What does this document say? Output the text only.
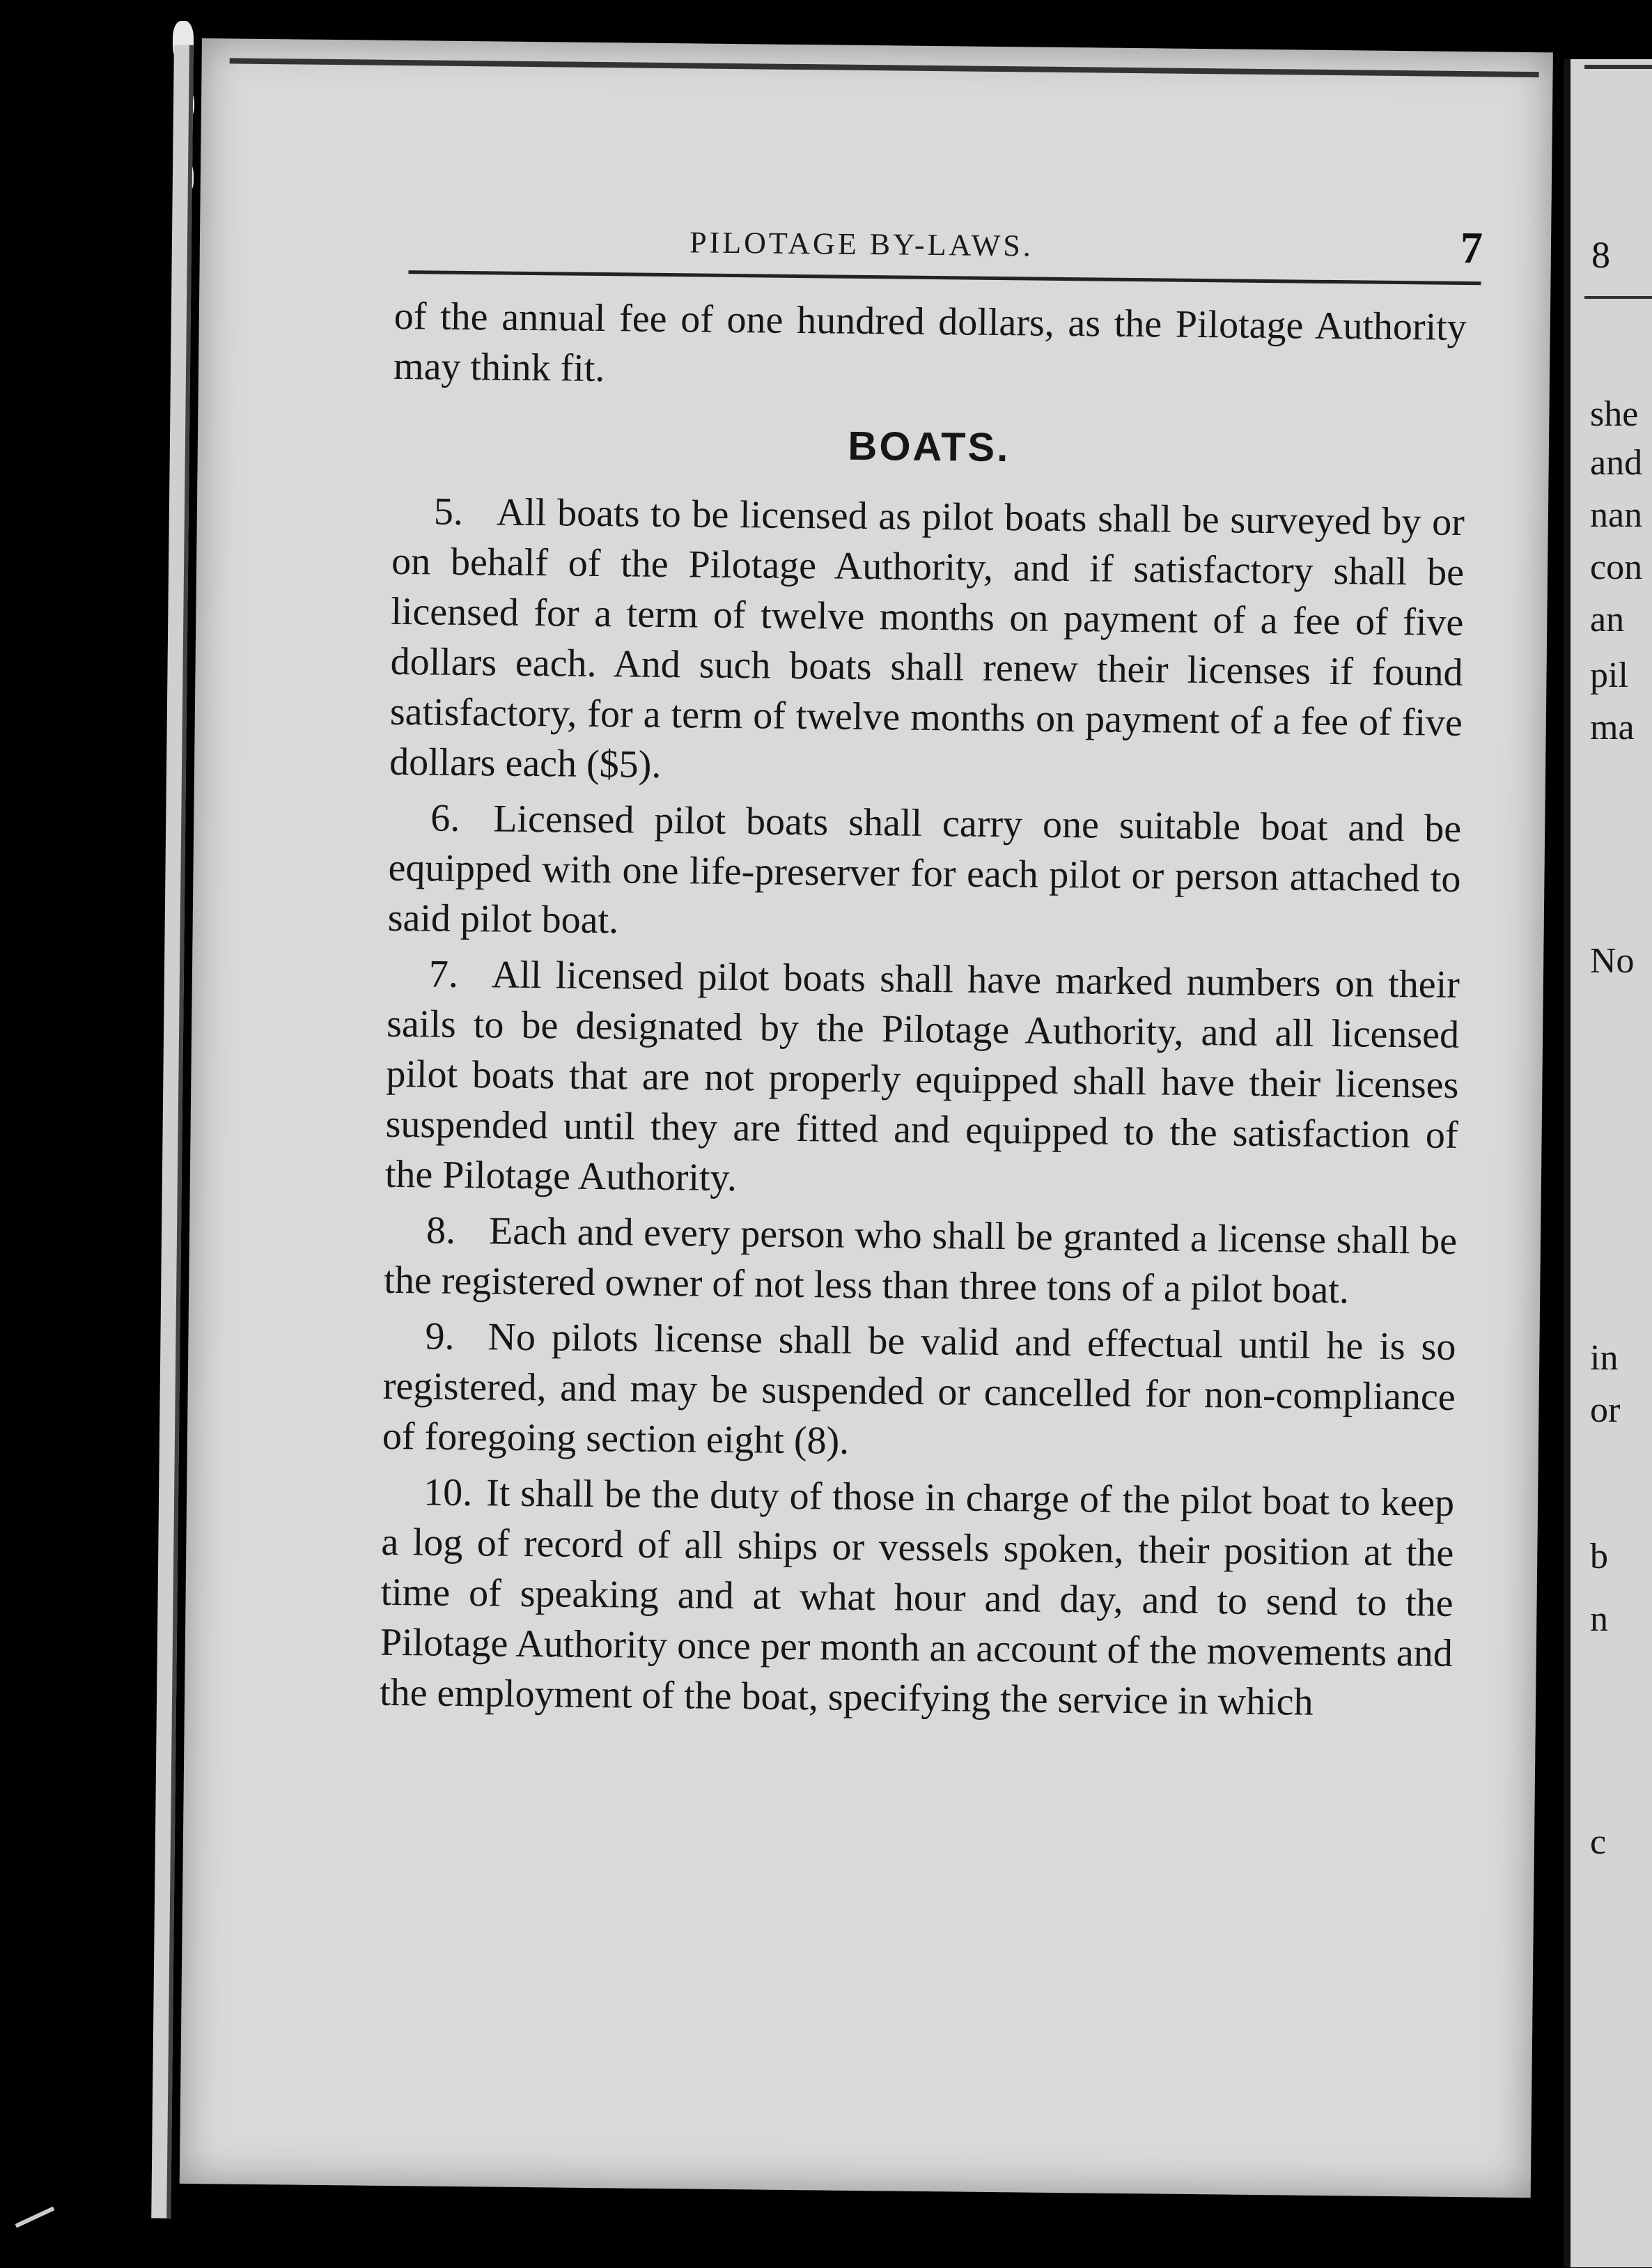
PILOTAGE BY-LAWS.	7

of the annual fee of one hundred dollars, as the Pilotage Authority may think fit.

BOATS.

5. All boats to be licensed as pilot boats shall be surveyed by or on behalf of the Pilotage Authority, and if satisfactory shall be licensed for a term of twelve months on payment of a fee of five dollars each. And such boats shall renew their licenses if found satisfactory, for a term of twelve months on payment of a fee of five dollars each ($5).

6. Licensed pilot boats shall carry one suitable boat and be equipped with one life-preserver for each pilot or person attached to said pilot boat.

7. All licensed pilot boats shall have marked numbers on their sails to be designated by the Pilotage Authority, and all licensed pilot boats that are not properly equipped shall have their licenses suspended until they are fitted and equipped to the satisfaction of the Pilotage Authority.

8. Each and every person who shall be granted a license shall be the registered owner of not less than three tons of a pilot boat.

9. No pilots license shall be valid and effectual until he is so registered, and may be suspended or cancelled for non-compliance of foregoing section eight (8).

10. It shall be the duty of those in charge of the pilot boat to keep a log of record of all ships or vessels spoken, their position at the time of speaking and at what hour and day, and to send to the Pilotage Authority once per month an account of the movements and the employment of the boat, specifying the service in which

8
she
and
nan
con
an
pil
ma
No
in
or
b
n
c
